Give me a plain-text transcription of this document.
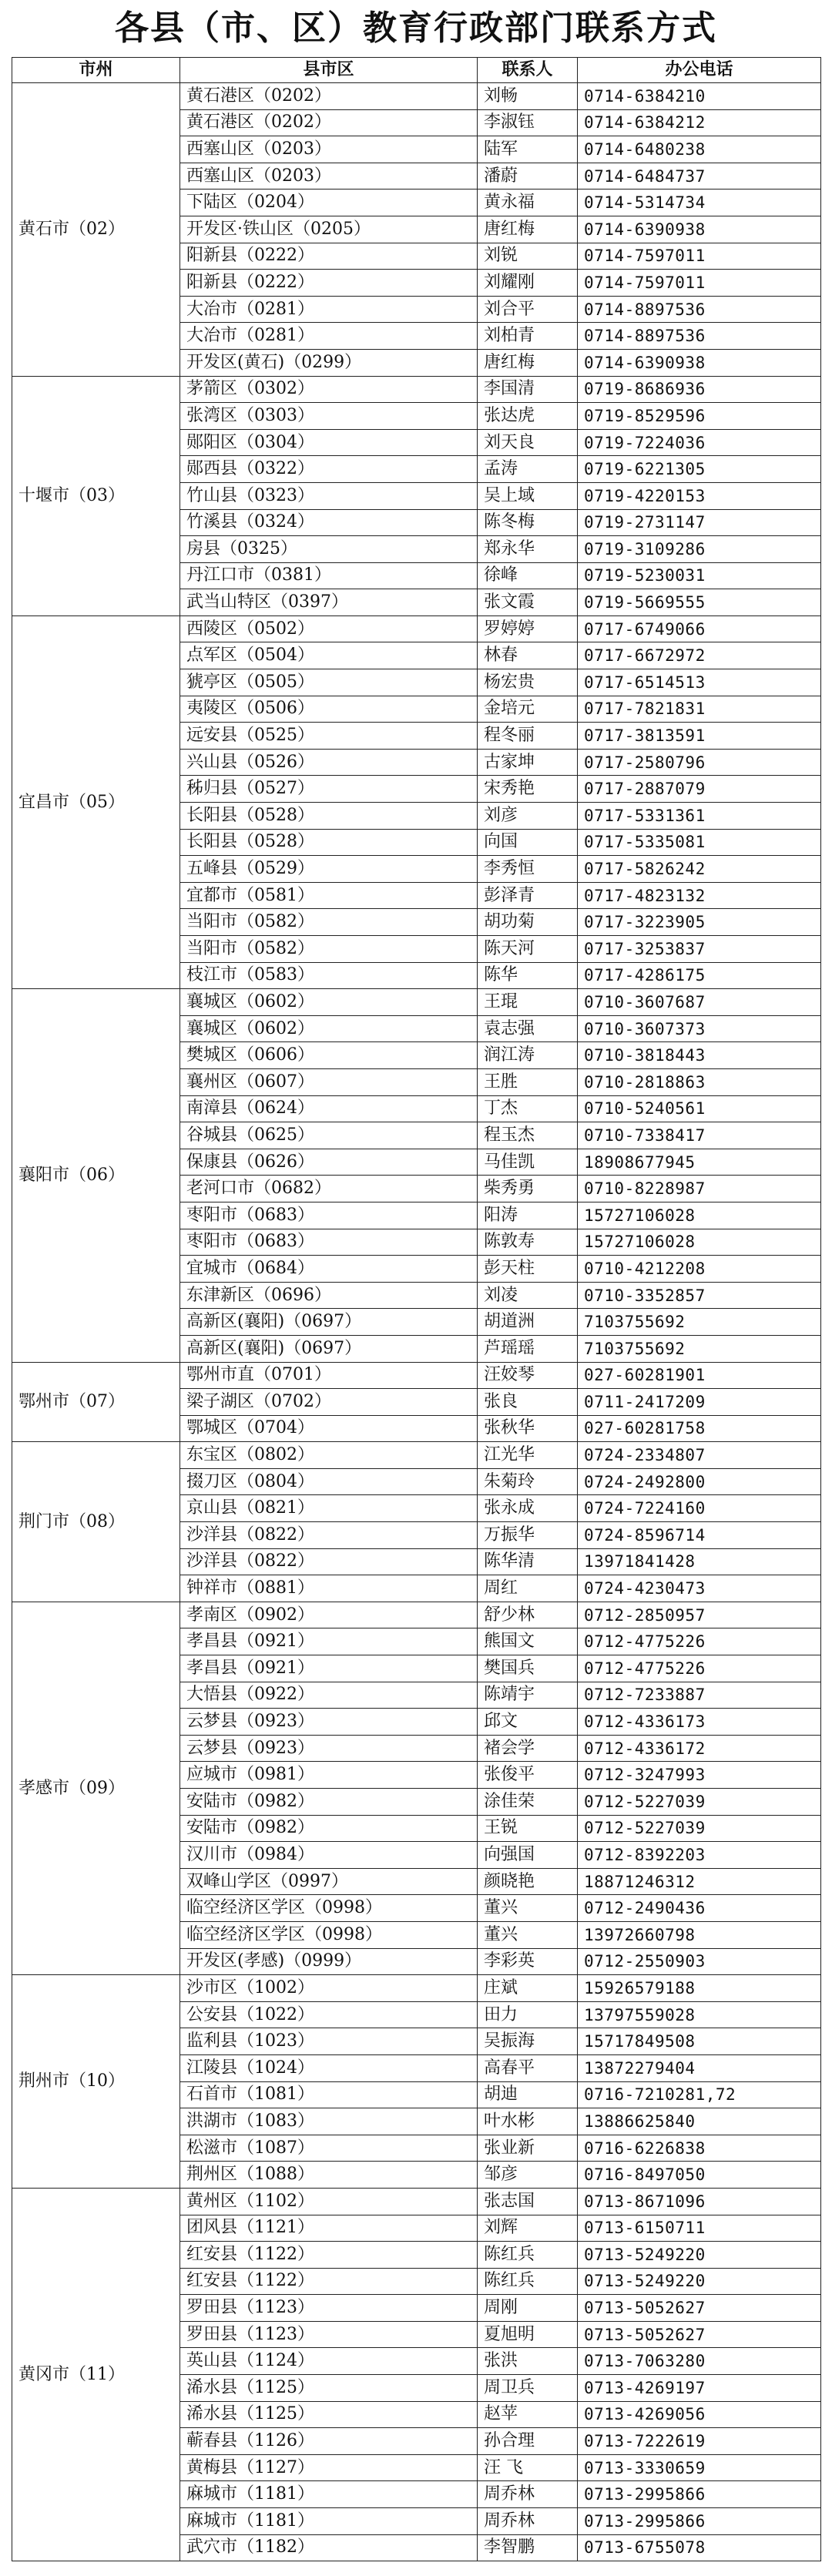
各县（市、区）教育行政部门联系方式
市州	县市区	联系人	办公电话
黄石市（02）	黄石港区（0202）	刘畅	0714-6384210
	黄石港区（0202）	李淑钰	0714-6384212
	西塞山区（0203）	陆军	0714-6480238
	西塞山区（0203）	潘蔚	0714-6484737
	下陆区（0204）	黄永福	0714-5314734
	开发区·铁山区（0205）	唐红梅	0714-6390938
	阳新县（0222）	刘锐	0714-7597011
	阳新县（0222）	刘耀刚	0714-7597011
	大冶市（0281）	刘合平	0714-8897536
	大冶市（0281）	刘柏青	0714-8897536
	开发区(黄石)（0299）	唐红梅	0714-6390938
十堰市（03）	茅箭区（0302）	李国清	0719-8686936
	张湾区（0303）	张达虎	0719-8529596
	郧阳区（0304）	刘天良	0719-7224036
	郧西县（0322）	孟涛	0719-6221305
	竹山县（0323）	吴上域	0719-4220153
	竹溪县（0324）	陈冬梅	0719-2731147
	房县（0325）	郑永华	0719-3109286
	丹江口市（0381）	徐峰	0719-5230031
	武当山特区（0397）	张文霞	0719-5669555
宜昌市（05）	西陵区（0502）	罗婷婷	0717-6749066
	点军区（0504）	林春	0717-6672972
	猇亭区（0505）	杨宏贵	0717-6514513
	夷陵区（0506）	金培元	0717-7821831
	远安县（0525）	程冬丽	0717-3813591
	兴山县（0526）	古家坤	0717-2580796
	秭归县（0527）	宋秀艳	0717-2887079
	长阳县（0528）	刘彦	0717-5331361
	长阳县（0528）	向国	0717-5335081
	五峰县（0529）	李秀恒	0717-5826242
	宜都市（0581）	彭泽青	0717-4823132
	当阳市（0582）	胡功菊	0717-3223905
	当阳市（0582）	陈天河	0717-3253837
	枝江市（0583）	陈华	0717-4286175
襄阳市（06）	襄城区（0602）	王琨	0710-3607687
	襄城区（0602）	袁志强	0710-3607373
	樊城区（0606）	润江涛	0710-3818443
	襄州区（0607）	王胜	0710-2818863
	南漳县（0624）	丁杰	0710-5240561
	谷城县（0625）	程玉杰	0710-7338417
	保康县（0626）	马佳凯	18908677945
	老河口市（0682）	柴秀勇	0710-8228987
	枣阳市（0683）	阳涛	15727106028
	枣阳市（0683）	陈敦寿	15727106028
	宜城市（0684）	彭天柱	0710-4212208
	东津新区（0696）	刘凌	0710-3352857
	高新区(襄阳)（0697）	胡道洲	7103755692
	高新区(襄阳)（0697）	芦瑶瑶	7103755692
鄂州市（07）	鄂州市直（0701）	汪姣琴	027-60281901
	梁子湖区（0702）	张良	0711-2417209
	鄂城区（0704）	张秋华	027-60281758
荆门市（08）	东宝区（0802）	江光华	0724-2334807
	掇刀区（0804）	朱菊玲	0724-2492800
	京山县（0821）	张永成	0724-7224160
	沙洋县（0822）	万振华	0724-8596714
	沙洋县（0822）	陈华清	13971841428
	钟祥市（0881）	周红	0724-4230473
孝感市（09）	孝南区（0902）	舒少林	0712-2850957
	孝昌县（0921）	熊国文	0712-4775226
	孝昌县（0921）	樊国兵	0712-4775226
	大悟县（0922）	陈靖宇	0712-7233887
	云梦县（0923）	邱文	0712-4336173
	云梦县（0923）	褚会学	0712-4336172
	应城市（0981）	张俊平	0712-3247993
	安陆市（0982）	涂佳荣	0712-5227039
	安陆市（0982）	王锐	0712-5227039
	汉川市（0984）	向强国	0712-8392203
	双峰山学区（0997）	颜晓艳	18871246312
	临空经济区学区（0998）	董兴	0712-2490436
	临空经济区学区（0998）	董兴	13972660798
	开发区(孝感)（0999）	李彩英	0712-2550903
荆州市（10）	沙市区（1002）	庄斌	15926579188
	公安县（1022）	田力	13797559028
	监利县（1023）	吴振海	15717849508
	江陵县（1024）	高春平	13872279404
	石首市（1081）	胡迪	0716-7210281,72
	洪湖市（1083）	叶水彬	13886625840
	松滋市（1087）	张业新	0716-6226838
	荆州区（1088）	邹彦	0716-8497050
黄冈市（11）	黄州区（1102）	张志国	0713-8671096
	团风县（1121）	刘辉	0713-6150711
	红安县（1122）	陈红兵	0713-5249220
	红安县（1122）	陈红兵	0713-5249220
	罗田县（1123）	周刚	0713-5052627
	罗田县（1123）	夏旭明	0713-5052627
	英山县（1124）	张洪	0713-7063280
	浠水县（1125）	周卫兵	0713-4269197
	浠水县（1125）	赵苹	0713-4269056
	蕲春县（1126）	孙合理	0713-7222619
	黄梅县（1127）	汪 飞	0713-3330659
	麻城市（1181）	周乔林	0713-2995866
	麻城市（1181）	周乔林	0713-2995866
	武穴市（1182）	李智鹏	0713-6755078
